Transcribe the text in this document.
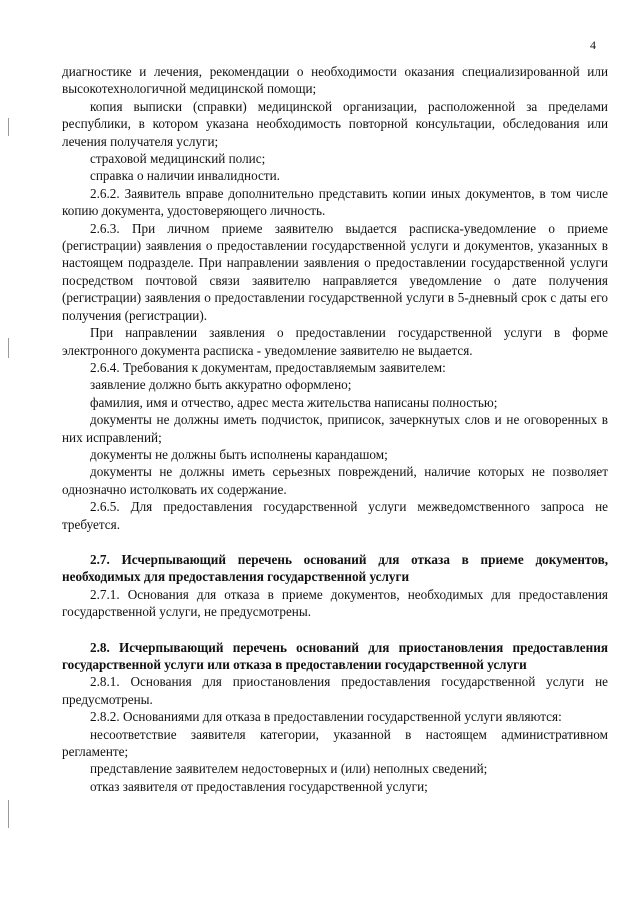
4

диагностике и лечения, рекомендации о необходимости оказания специализированной или высокотехнологичной медицинской помощи;

копия выписки (справки) медицинской организации, расположенной за пределами республики, в котором указана необходимость повторной консультации, обследования или лечения получателя услуги;

страховой медицинский полис;

справка о наличии инвалидности.

2.6.2. Заявитель вправе дополнительно представить копии иных документов, в том числе копию документа, удостоверяющего личность.

2.6.3. При личном приеме заявителю выдается расписка-уведомление о приеме (регистрации) заявления о предоставлении государственной услуги и документов, указанных в настоящем подразделе. При направлении заявления о предоставлении государственной услуги посредством почтовой связи заявителю направляется уведомление о дате получения (регистрации) заявления о предоставлении государственной услуги в 5-дневный срок с даты его получения (регистрации).

При направлении заявления о предоставлении государственной услуги в форме электронного документа расписка - уведомление заявителю не выдается.

2.6.4. Требования к документам, предоставляемым заявителем:

заявление должно быть аккуратно оформлено;

фамилия, имя и отчество, адрес места жительства написаны полностью;

документы не должны иметь подчисток, приписок, зачеркнутых слов и не оговоренных в них исправлений;

документы не должны быть исполнены карандашом;

документы не должны иметь серьезных повреждений, наличие которых не позволяет однозначно истолковать их содержание.

2.6.5. Для предоставления государственной услуги межведомственного запроса не требуется.

2.7. Исчерпывающий перечень оснований для отказа в приеме документов, необходимых для предоставления государственной услуги

2.7.1. Основания для отказа в приеме документов, необходимых для предоставления государственной услуги, не предусмотрены.

2.8. Исчерпывающий перечень оснований для приостановления предоставления государственной услуги или отказа в предоставлении государственной услуги

2.8.1. Основания для приостановления предоставления государственной услуги не предусмотрены.

2.8.2. Основаниями для отказа в предоставлении государственной услуги являются:

несоответствие заявителя категории, указанной в настоящем административном регламенте;

представление заявителем недостоверных и (или) неполных сведений;

отказ заявителя от предоставления государственной услуги;
